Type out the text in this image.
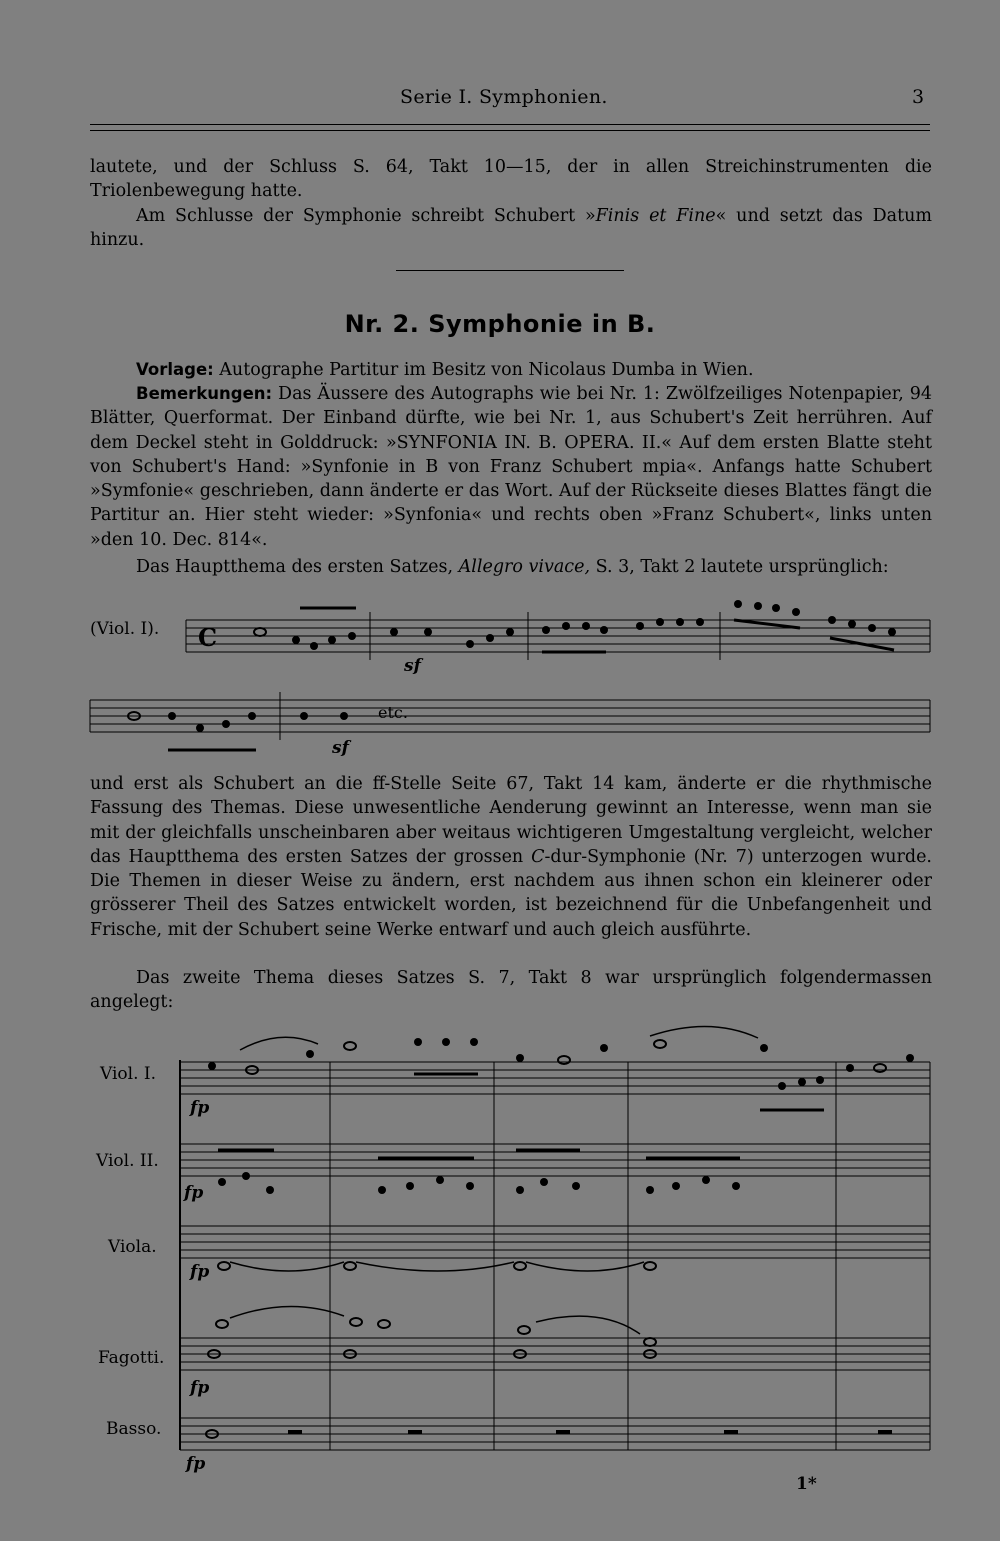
Serie I. Symphonien.	3

lautete, und der Schluss S. 64, Takt 10—15, der in allen Streichinstrumenten die Triolenbewegung hatte.

Am Schlusse der Symphonie schreibt Schubert »Finis et Fine« und setzt das Datum hinzu.

Nr. 2. Symphonie in B.

Vorlage: Autographe Partitur im Besitz von Nicolaus Dumba in Wien.

Bemerkungen: Das Äussere des Autographs wie bei Nr. 1: Zwölfzeiliges Notenpapier, 94 Blätter, Querformat. Der Einband dürfte, wie bei Nr. 1, aus Schubert's Zeit herrühren. Auf dem Deckel steht in Golddruck: »SYNFONIA IN. B. OPERA. II.« Auf dem ersten Blatte steht von Schubert's Hand: »Synfonie in B von Franz Schubert mpia«. Anfangs hatte Schubert »Symfonie« geschrieben, dann änderte er das Wort. Auf der Rückseite dieses Blattes fängt die Partitur an. Hier steht wieder: »Synfonia« und rechts oben »Franz Schubert«, links unten »den 10. Dec. 814«.

Das Hauptthema des ersten Satzes, Allegro vivace, S. 3, Takt 2 lautete ursprünglich:

(Viol. I).
sf
sf
etc.
C

und erst als Schubert an die ff-Stelle Seite 67, Takt 14 kam, änderte er die rhythmische Fassung des Themas. Diese unwesentliche Aenderung gewinnt an Interesse, wenn man sie mit der gleichfalls unscheinbaren aber weitaus wichtigeren Umgestaltung vergleicht, welcher das Hauptthema des ersten Satzes der grossen C-dur-Symphonie (Nr. 7) unterzogen wurde. Die Themen in dieser Weise zu ändern, erst nachdem aus ihnen schon ein kleinerer oder grösserer Theil des Satzes entwickelt worden, ist bezeichnend für die Unbefangenheit und Frische, mit der Schubert seine Werke entwarf und auch gleich ausführte.

Das zweite Thema dieses Satzes S. 7, Takt 8 war ursprünglich folgendermassen angelegt:

Viol. I.
Viol. II.
Viola.
Fagotti.
Basso.
fp
fp
fp
fp
fp
1*
